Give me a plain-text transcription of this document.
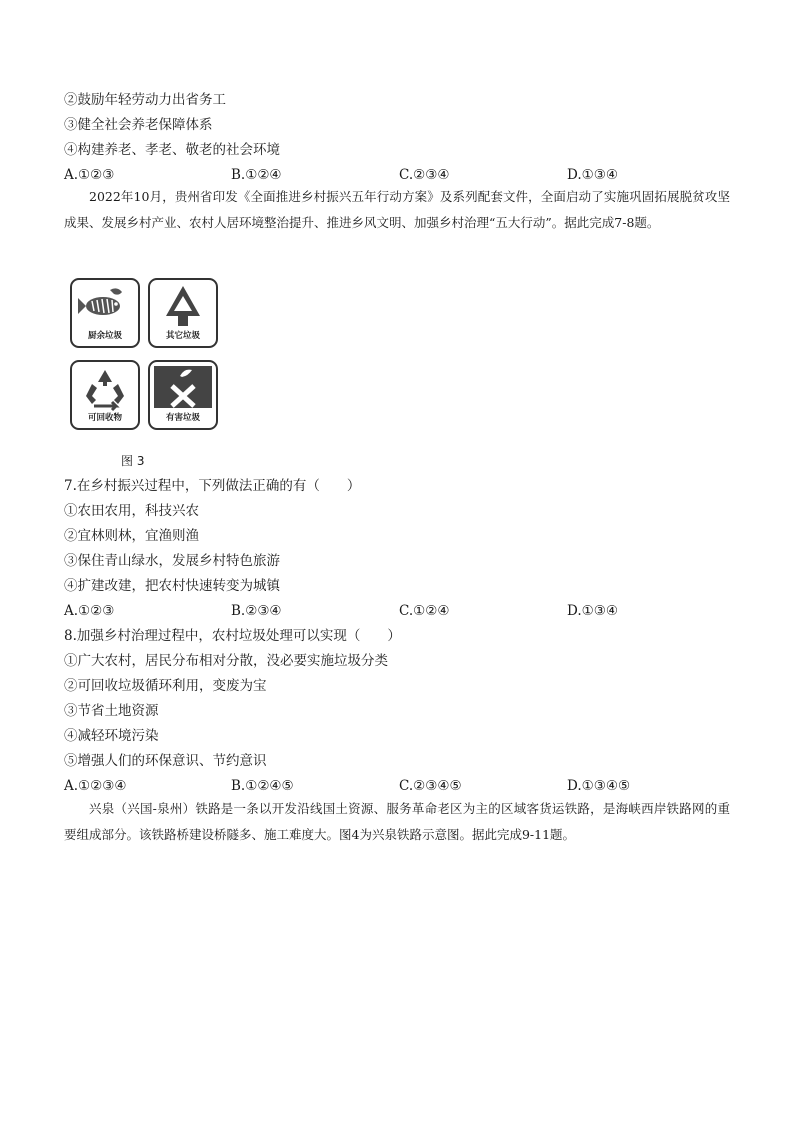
②鼓励年轻劳动力出省务工
③健全社会养老保障体系
④构建养老、孝老、敬老的社会环境
A.①②③	B.①②④	C.②③④	D.①③④
2022年10月，贵州省印发《全面推进乡村振兴五年行动方案》及系列配套文件，全面启动了实施巩固拓展脱贫攻坚成果、发展乡村产业、农村人居环境整治提升、推进乡风文明、加强乡村治理“五大行动”。据此完成7-8题。
厨余垃圾	其它垃圾
可回收物	有害垃圾
图 3
7.在乡村振兴过程中，下列做法正确的有（　　）
①农田农用，科技兴农
②宜林则林，宜渔则渔
③保住青山绿水，发展乡村特色旅游
④扩建改建，把农村快速转变为城镇
A.①②③	B.②③④	C.①②④	D.①③④
8.加强乡村治理过程中，农村垃圾处理可以实现（　　）
①广大农村，居民分布相对分散，没必要实施垃圾分类
②可回收垃圾循环利用，变废为宝
③节省土地资源
④减轻环境污染
⑤增强人们的环保意识、节约意识
A.①②③④	B.①②④⑤	C.②③④⑤	D.①③④⑤
兴泉（兴国-泉州）铁路是一条以开发沿线国土资源、服务革命老区为主的区域客货运铁路，是海峡西岸铁路网的重要组成部分。该铁路桥建设桥隧多、施工难度大。图4为兴泉铁路示意图。据此完成9-11题。
